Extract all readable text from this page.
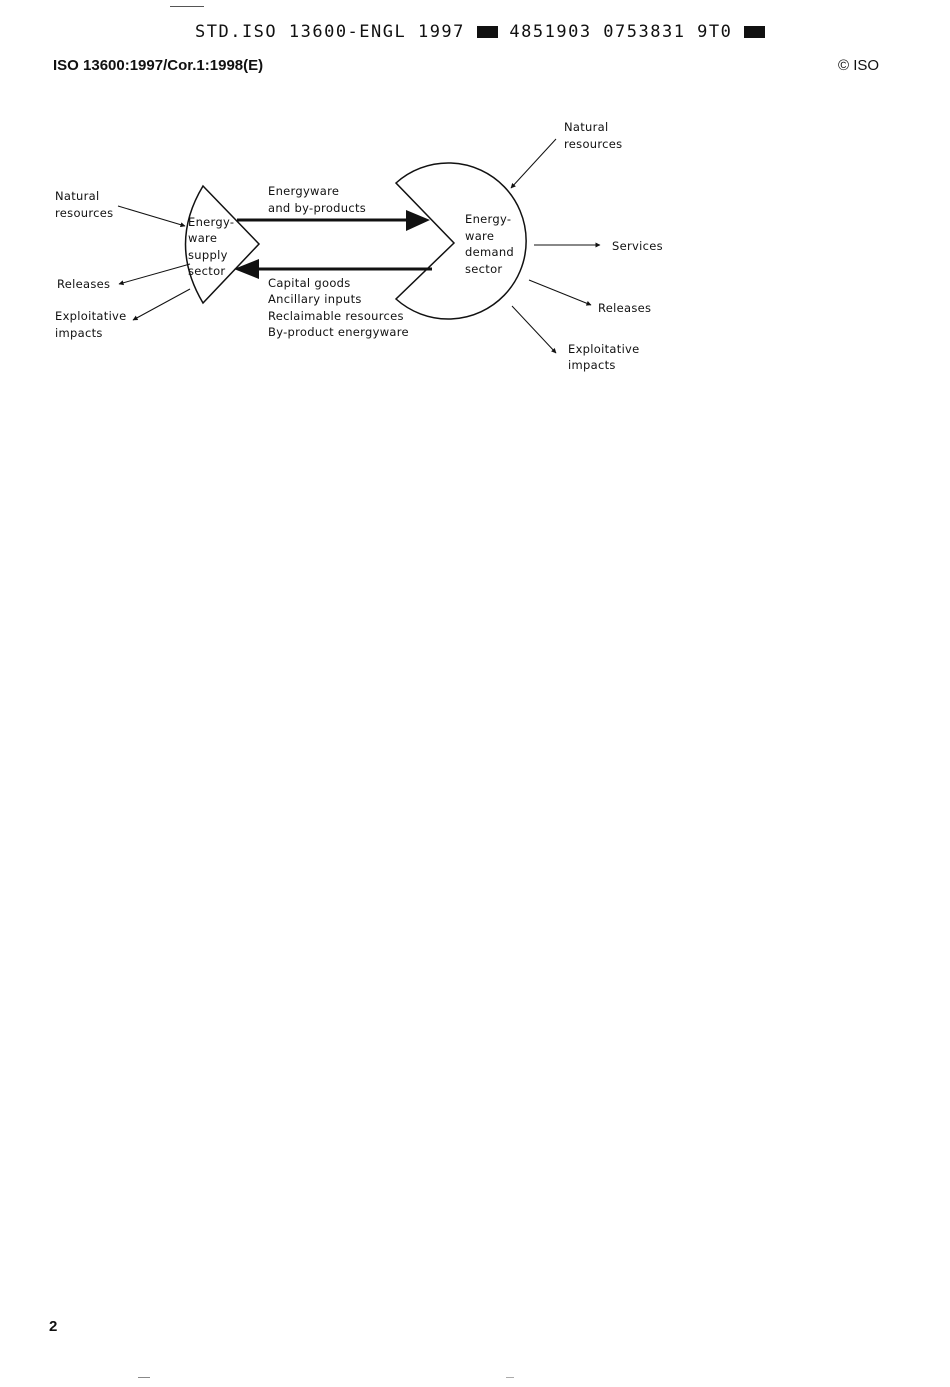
STD.ISO 13600-ENGL 1997	4851903 0753831 9T0
ISO 13600:1997/Cor.1:1998(E)	© ISO
Energy-
ware
supply
sector
Energy-
ware
demand
sector
Natural
resources
Releases
Exploitative
impacts
Energyware
and by-products
Capital goods
Ancillary inputs
Reclaimable resources
By-product energyware
Natural
resources
Services
Releases
Exploitative
impacts
2
